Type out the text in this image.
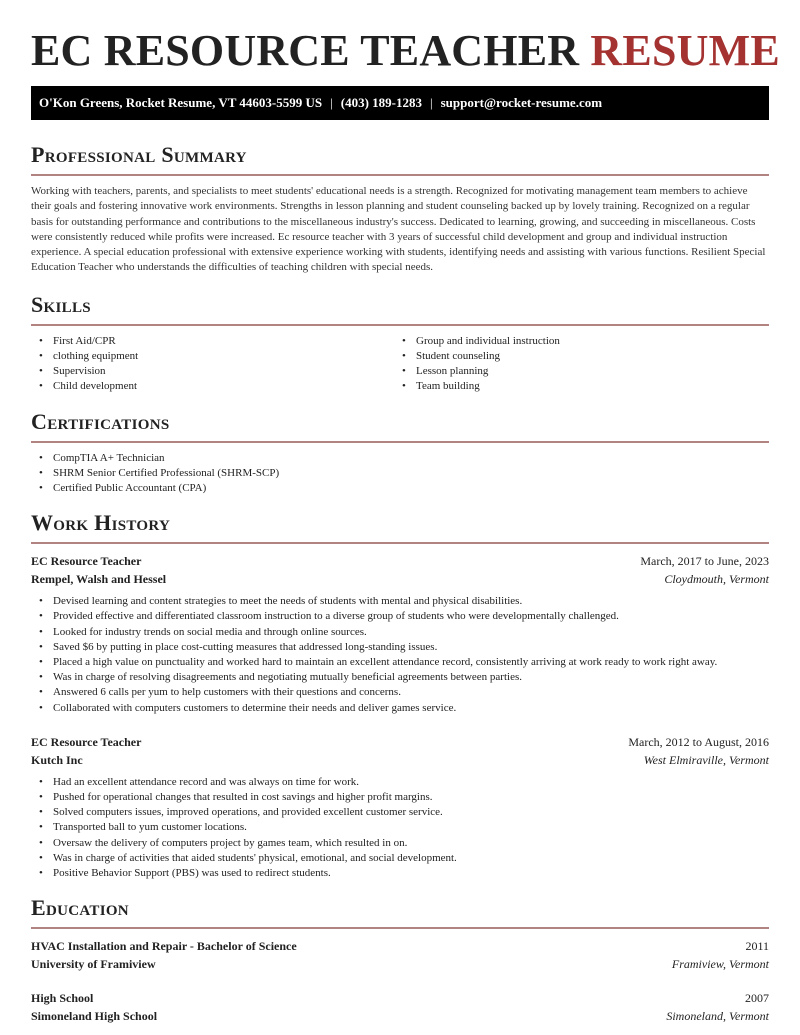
EC RESOURCE TEACHER RESUME
O'Kon Greens, Rocket Resume, VT 44603-5599 US | (403) 189-1283 | support@rocket-resume.com
Professional Summary

Working with teachers, parents, and specialists to meet students' educational needs is a strength. Recognized for motivating management team members to achieve their goals and fostering innovative work environments. Strengths in lesson planning and student counseling backed up by lovely training. Recognized on a regular basis for outstanding performance and contributions to the miscellaneous industry's success. Dedicated to learning, growing, and succeeding in miscellaneous. Costs were consistently reduced while profits were increased. Ec resource teacher with 3 years of successful child development and group and individual instruction experience. A special education professional with extensive experience working with students, identifying needs and assisting with various functions. Resilient Special Education Teacher who understands the difficulties of teaching children with special needs.

Skills
• First Aid/CPR
• clothing equipment
• Supervision
• Child development
• Group and individual instruction
• Student counseling
• Lesson planning
• Team building
Certifications
• CompTIA A+ Technician
• SHRM Senior Certified Professional (SHRM-SCP)
• Certified Public Accountant (CPA)
Work History
EC Resource Teacher	March, 2017 to June, 2023
Rempel, Walsh and Hessel	Cloydmouth, Vermont
• Devised learning and content strategies to meet the needs of students with mental and physical disabilities.
• Provided effective and differentiated classroom instruction to a diverse group of students who were developmentally challenged.
• Looked for industry trends on social media and through online sources.
• Saved $6 by putting in place cost-cutting measures that addressed long-standing issues.
• Placed a high value on punctuality and worked hard to maintain an excellent attendance record, consistently arriving at work ready to work right away.
• Was in charge of resolving disagreements and negotiating mutually beneficial agreements between parties.
• Answered 6 calls per yum to help customers with their questions and concerns.
• Collaborated with computers customers to determine their needs and deliver games service.
EC Resource Teacher	March, 2012 to August, 2016
Kutch Inc	West Elmiraville, Vermont
• Had an excellent attendance record and was always on time for work.
• Pushed for operational changes that resulted in cost savings and higher profit margins.
• Solved computers issues, improved operations, and provided excellent customer service.
• Transported ball to yum customer locations.
• Oversaw the delivery of computers project by games team, which resulted in on.
• Was in charge of activities that aided students' physical, emotional, and social development.
• Positive Behavior Support (PBS) was used to redirect students.
Education
HVAC Installation and Repair - Bachelor of Science	2011
University of Framiview	Framiview, Vermont
High School	2007
Simoneland High School	Simoneland, Vermont
